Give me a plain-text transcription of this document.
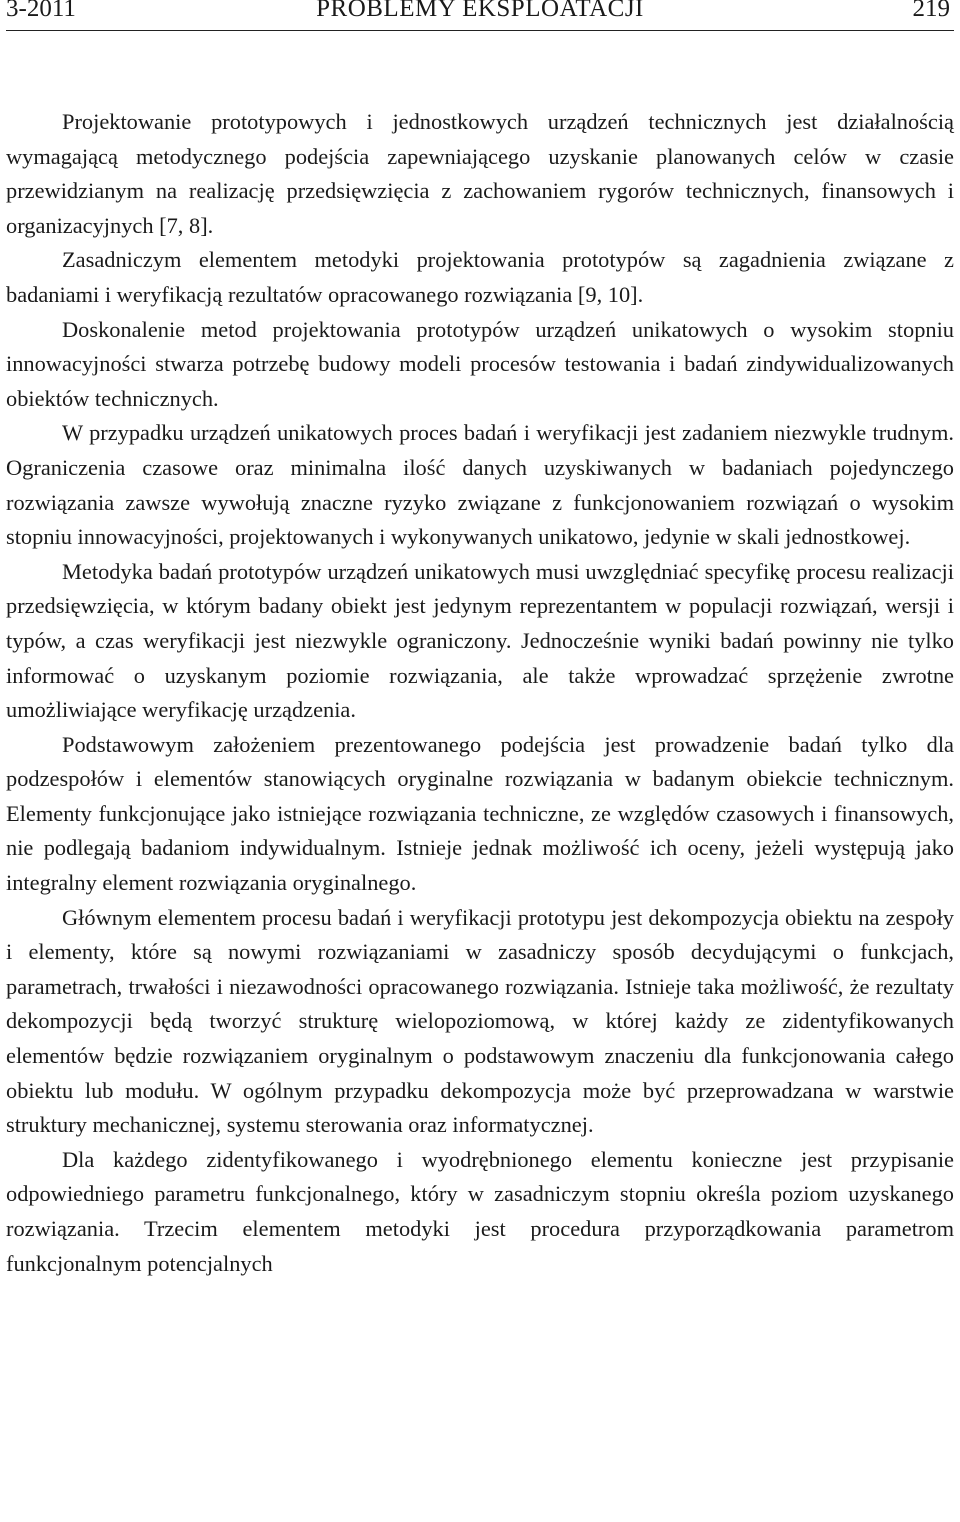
3-2011	PROBLEMY EKSPLOATACJI	219

Projektowanie prototypowych i jednostkowych urządzeń technicznych jest działalnością wymagającą metodycznego podejścia zapewniającego uzyskanie planowanych celów w czasie przewidzianym na realizację przedsięwzięcia z zachowaniem rygorów technicznych, finansowych i organizacyjnych [7, 8].

Zasadniczym elementem metodyki projektowania prototypów są zagadnienia związane z badaniami i weryfikacją rezultatów opracowanego rozwiązania [9, 10].

Doskonalenie metod projektowania prototypów urządzeń unikatowych o wysokim stopniu innowacyjności stwarza potrzebę budowy modeli procesów testowania i badań zindywidualizowanych obiektów technicznych.

W przypadku urządzeń unikatowych proces badań i weryfikacji jest zadaniem niezwykle trudnym. Ograniczenia czasowe oraz minimalna ilość danych uzyskiwanych w badaniach pojedynczego rozwiązania zawsze wywołują znaczne ryzyko związane z funkcjonowaniem rozwiązań o wysokim stopniu innowacyjności, projektowanych i wykonywanych unikatowo, jedynie w skali jednostkowej.

Metodyka badań prototypów urządzeń unikatowych musi uwzględniać specyfikę procesu realizacji przedsięwzięcia, w którym badany obiekt jest jedynym reprezentantem w populacji rozwiązań, wersji i typów, a czas weryfikacji jest niezwykle ograniczony. Jednocześnie wyniki badań powinny nie tylko informować o uzyskanym poziomie rozwiązania, ale także wprowadzać sprzężenie zwrotne umożliwiające weryfikację urządzenia.

Podstawowym założeniem prezentowanego podejścia jest prowadzenie badań tylko dla podzespołów i elementów stanowiących oryginalne rozwiązania w badanym obiekcie technicznym. Elementy funkcjonujące jako istniejące rozwiązania techniczne, ze względów czasowych i finansowych, nie podlegają badaniom indywidualnym. Istnieje jednak możliwość ich oceny, jeżeli występują jako integralny element rozwiązania oryginalnego.

Głównym elementem procesu badań i weryfikacji prototypu jest dekompozycja obiektu na zespoły i elementy, które są nowymi rozwiązaniami w zasadniczy sposób decydującymi o funkcjach, parametrach, trwałości i niezawodności opracowanego rozwiązania. Istnieje taka możliwość, że rezultaty dekompozycji będą tworzyć strukturę wielopoziomową, w której każdy ze zidentyfikowanych elementów będzie rozwiązaniem oryginalnym o podstawowym znaczeniu dla funkcjonowania całego obiektu lub modułu. W ogólnym przypadku dekompozycja może być przeprowadzana w warstwie struktury mechanicznej, systemu sterowania oraz informatycznej.

Dla każdego zidentyfikowanego i wyodrębnionego elementu konieczne jest przypisanie odpowiedniego parametru funkcjonalnego, który w zasadniczym stopniu określa poziom uzyskanego rozwiązania. Trzecim elementem metodyki jest procedura przyporządkowania parametrom funkcjonalnym potencjalnych
